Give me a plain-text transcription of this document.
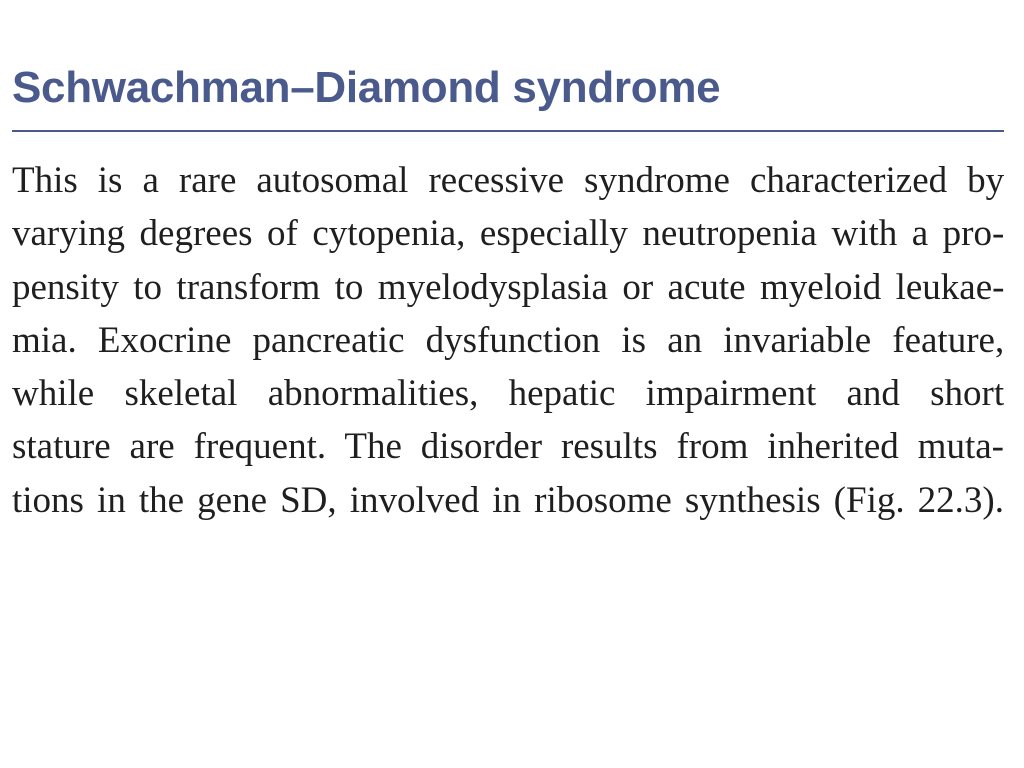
Schwachman–Diamond syndrome

This is a rare autosomal recessive syndrome characterized by
varying degrees of cytopenia, especially neutropenia with a pro-
pensity to transform to myelodysplasia or acute myeloid leukae-
mia. Exocrine pancreatic dysfunction is an invariable feature,
while skeletal abnormalities, hepatic impairment and short
stature are frequent. The disorder results from inherited muta-
tions in the gene SD, involved in ribosome synthesis (Fig. 22.3).
